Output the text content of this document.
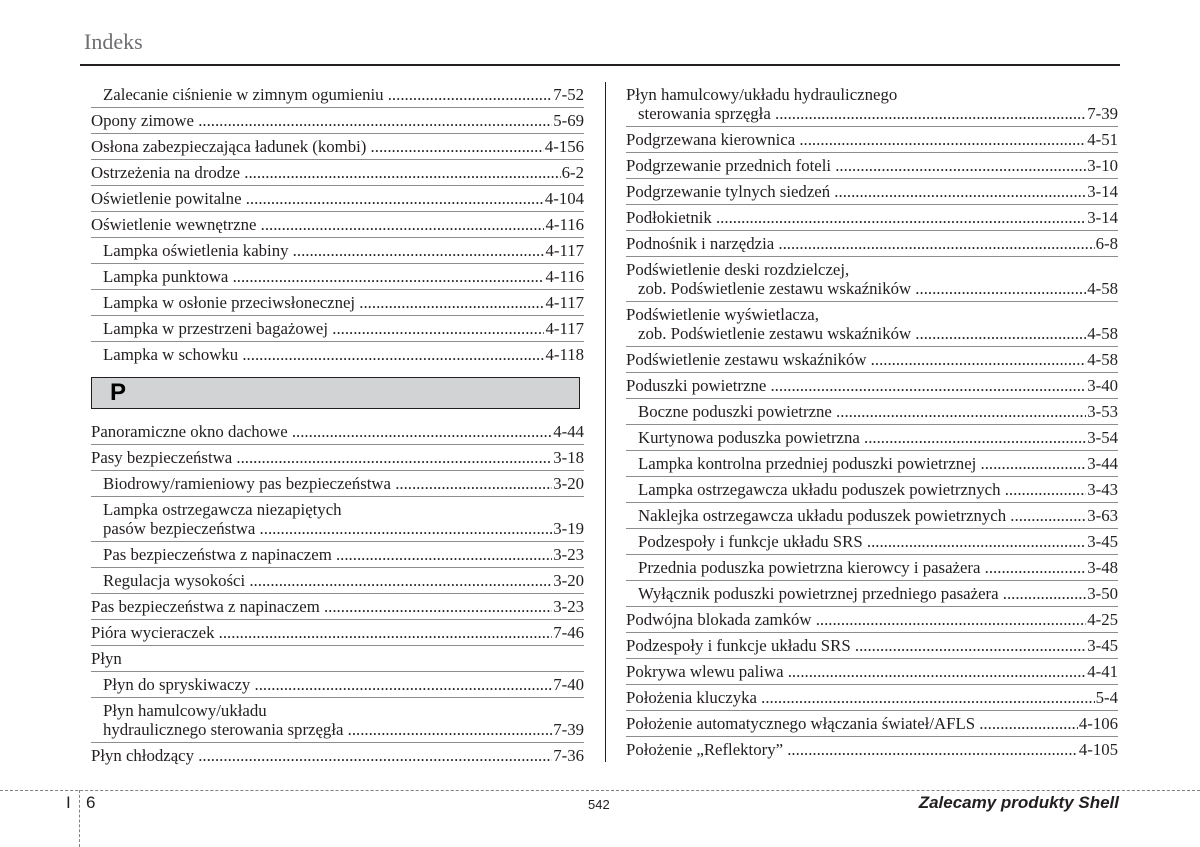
Indeks
Zalecanie ciśnienie w zimnym ogumieniu .....	7-52
Opony zimowe .....	5-69
Osłona zabezpieczająca ładunek (kombi) .....	4-156
Ostrzeżenia na drodze .....	6-2
Oświetlenie powitalne .....	4-104
Oświetlenie wewnętrzne .....	4-116
Lampka oświetlenia kabiny .....	4-117
Lampka punktowa .....	4-116
Lampka w osłonie przeciwsłonecznej .....	4-117
Lampka w przestrzeni bagażowej .....	4-117
Lampka w schowku .....	4-118
P
Panoramiczne okno dachowe .....	4-44
Pasy bezpieczeństwa .....	3-18
Biodrowy/ramieniowy pas bezpieczeństwa .....	3-20
Lampka ostrzegawcza niezapiętych
pasów bezpieczeństwa .....	3-19
Pas bezpieczeństwa z napinaczem .....	3-23
Regulacja wysokości .....	3-20
Pas bezpieczeństwa z napinaczem .....	3-23
Pióra wycieraczek .....	7-46
Płyn
Płyn do spryskiwaczy .....	7-40
Płyn hamulcowy/układu
hydraulicznego sterowania sprzęgła .....	7-39
Płyn chłodzący .....	7-36
Płyn hamulcowy/układu hydraulicznego
sterowania sprzęgła .....	7-39
Podgrzewana kierownica .....	4-51
Podgrzewanie przednich foteli .....	3-10
Podgrzewanie tylnych siedzeń .....	3-14
Podłokietnik .....	3-14
Podnośnik i narzędzia .....	6-8
Podświetlenie deski rozdzielczej,
zob. Podświetlenie zestawu wskaźników .....	4-58
Podświetlenie wyświetlacza,
zob. Podświetlenie zestawu wskaźników .....	4-58
Podświetlenie zestawu wskaźników .....	4-58
Poduszki powietrzne .....	3-40
Boczne poduszki powietrzne .....	3-53
Kurtynowa poduszka powietrzna .....	3-54
Lampka kontrolna przedniej poduszki powietrznej .....	3-44
Lampka ostrzegawcza układu poduszek powietrznych .....	3-43
Naklejka ostrzegawcza układu poduszek powietrznych .....	3-63
Podzespoły i funkcje układu SRS .....	3-45
Przednia poduszka powietrzna kierowcy i pasażera .....	3-48
Wyłącznik poduszki powietrznej przedniego pasażera .....	3-50
Podwójna blokada zamków .....	4-25
Podzespoły i funkcje układu SRS .....	3-45
Pokrywa wlewu paliwa .....	4-41
Położenia kluczyka .....	5-4
Położenie automatycznego włączania świateł/AFLS .....	4-106
Położenie „Reflektory” .....	4-105
I 6	542	Zalecamy produkty Shell
